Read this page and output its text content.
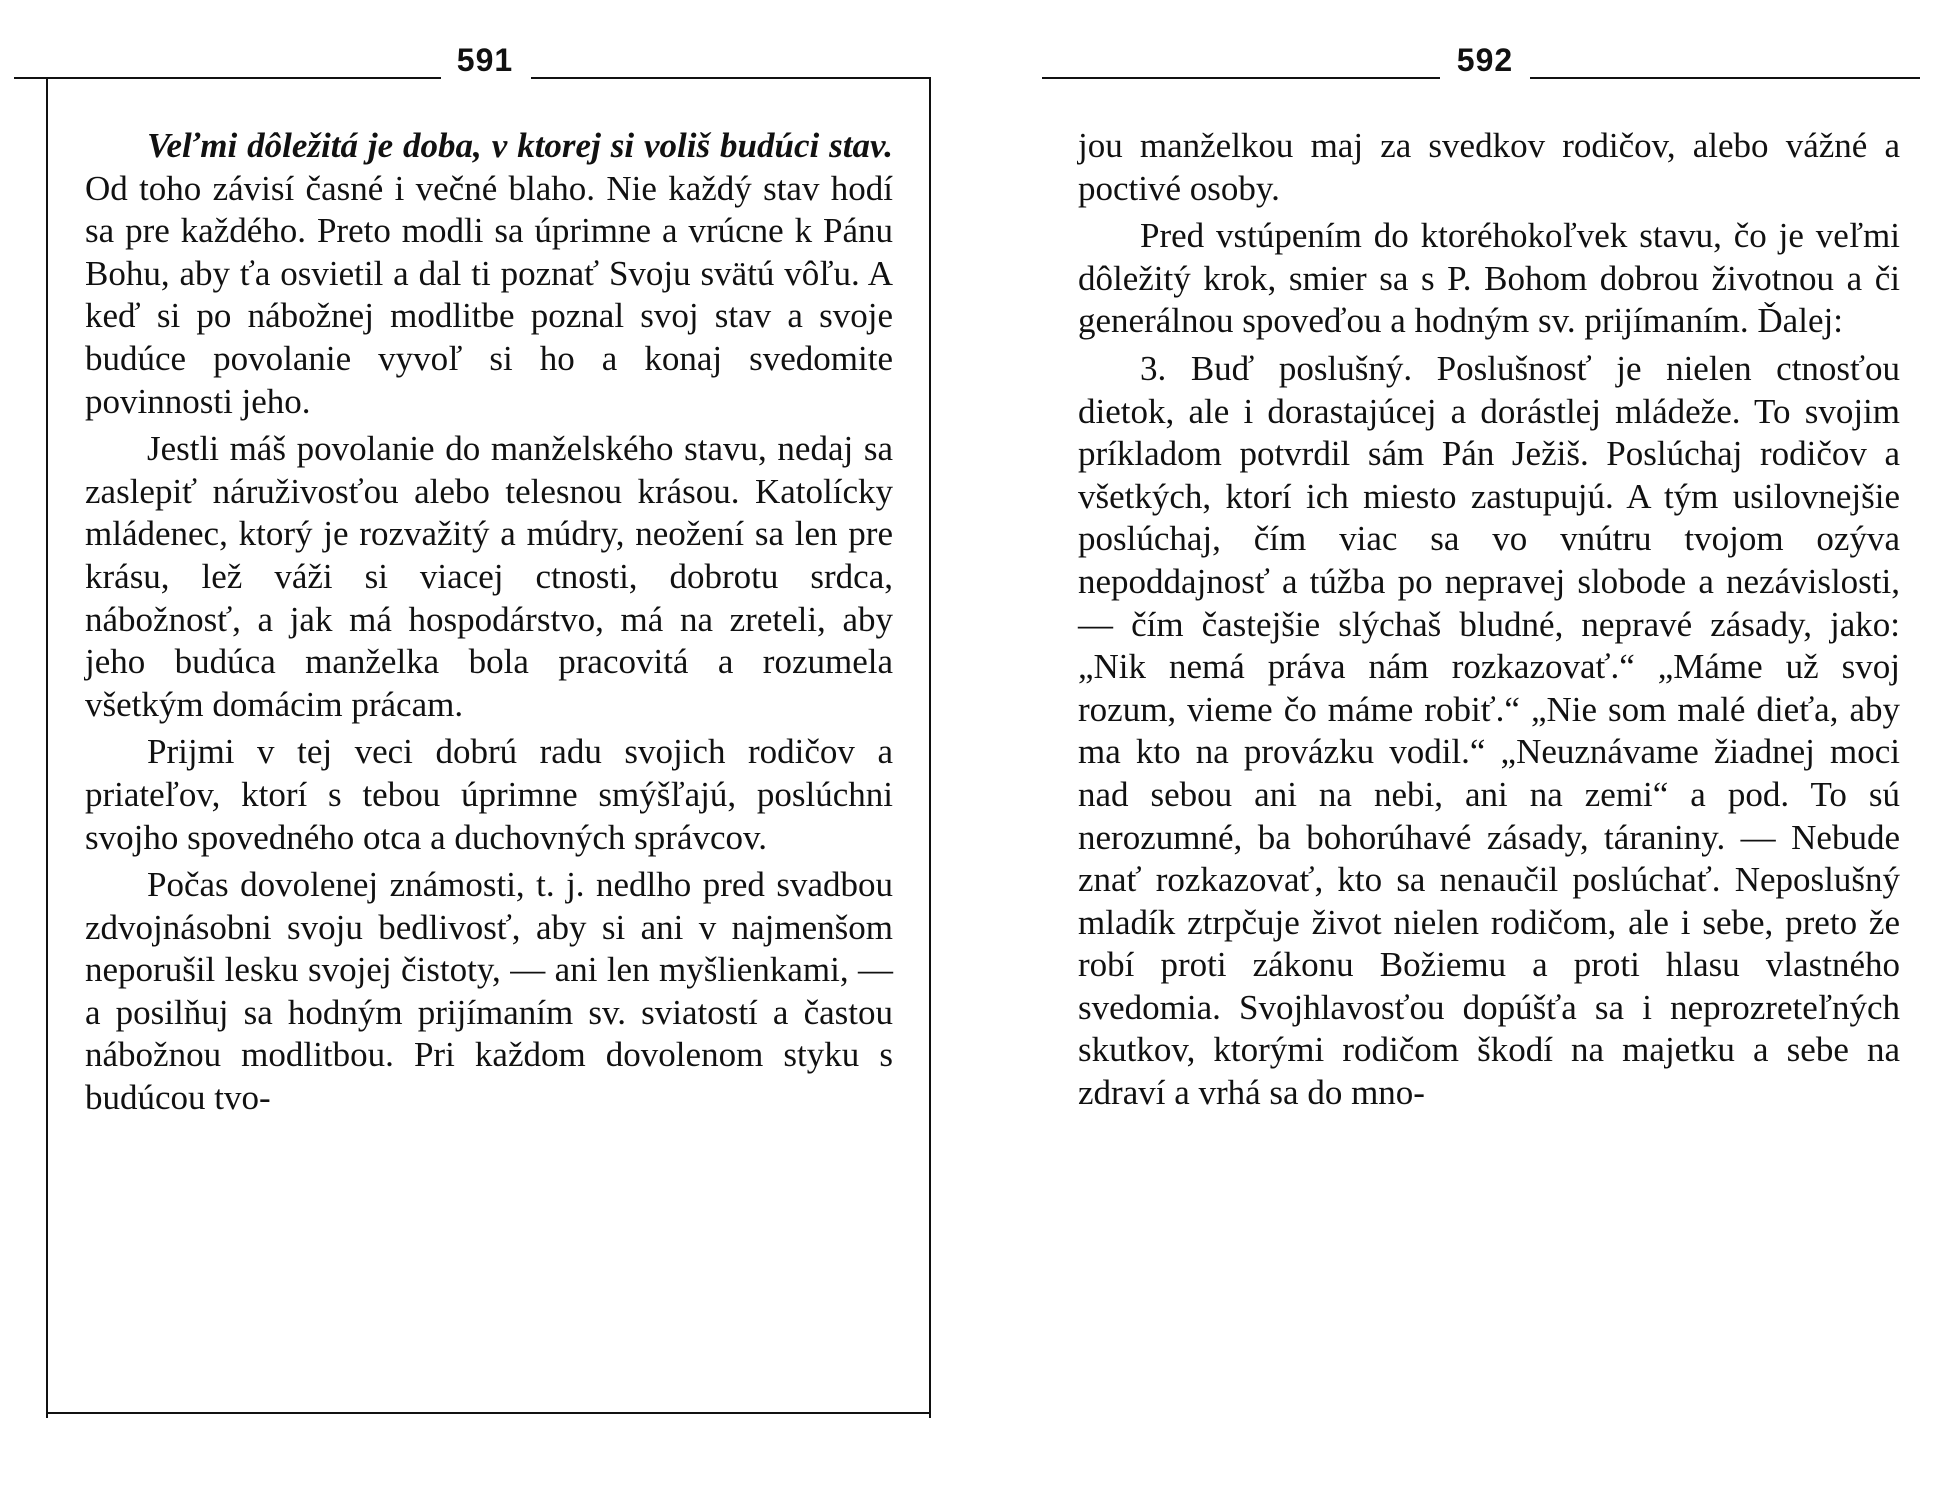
591

Veľmi dôležitá je doba, v ktorej si voliš budúci stav. Od toho závisí časné i večné blaho. Nie každý stav hodí sa pre každého. Preto modli sa úprimne a vrúcne k Pánu Bohu, aby ťa osvietil a dal ti poznať Svoju svätú vôľu. A keď si po nábožnej modlitbe poznal svoj stav a svoje budúce povolanie vyvoľ si ho a konaj svedomite povinnosti jeho.

Jestli máš povolanie do manželského stavu, nedaj sa zaslepiť náruživosťou alebo telesnou krásou. Katolícky mládenec, ktorý je rozvažitý a múdry, neožení sa len pre krásu, lež váži si viacej ctnosti, dobrotu srdca, nábožnosť, a jak má hospodárstvo, má na zreteli, aby jeho budúca manželka bola pracovitá a rozumela všetkým domácim prácam.

Prijmi v tej veci dobrú radu svojich rodičov a priateľov, ktorí s tebou úprimne smýšľajú, poslúchni svojho spovedného otca a duchovných správcov.

Počas dovolenej známosti, t. j. nedlho pred svadbou zdvojnásobni svoju bedlivosť, aby si ani v najmenšom neporušil lesku svojej čistoty, — ani len myšlienkami, — a posilňuj sa hodným prijímaním sv. sviatostí a častou nábožnou modlitbou. Pri každom dovolenom styku s budúcou tvo-

592

jou manželkou maj za svedkov rodičov, alebo vážné a poctivé osoby.

Pred vstúpením do ktoréhokoľvek stavu, čo je veľmi dôležitý krok, smier sa s P. Bohom dobrou životnou a či generálnou spoveďou a hodným sv. prijímaním. Ďalej:

3. Buď poslušný. Poslušnosť je nielen ctnosťou dietok, ale i dorastajúcej a dorástlej mládeže. To svojim príkladom potvrdil sám Pán Ježiš. Poslúchaj rodičov a všetkých, ktorí ich miesto zastupujú. A tým usilovnejšie poslúchaj, čím viac sa vo vnútru tvojom ozýva nepoddajnosť a túžba po nepravej slobode a nezávislosti, — čím častejšie slýchaš bludné, nepravé zásady, jako: „Nik nemá práva nám rozkazovať.“ „Máme už svoj rozum, vieme čo máme robiť.“ „Nie som malé dieťa, aby ma kto na provázku vodil.“ „Neuznávame žiadnej moci nad sebou ani na nebi, ani na zemi“ a pod. To sú nerozumné, ba bohorúhavé zásady, táraniny. — Nebude znať rozkazovať, kto sa nenaučil poslúchať. Neposlušný mladík ztrpčuje život nielen rodičom, ale i sebe, preto že robí proti zákonu Božiemu a proti hlasu vlastného svedomia. Svojhlavosťou dopúšťa sa i neprozreteľných skutkov, ktorými rodičom škodí na majetku a sebe na zdraví a vrhá sa do mno-
